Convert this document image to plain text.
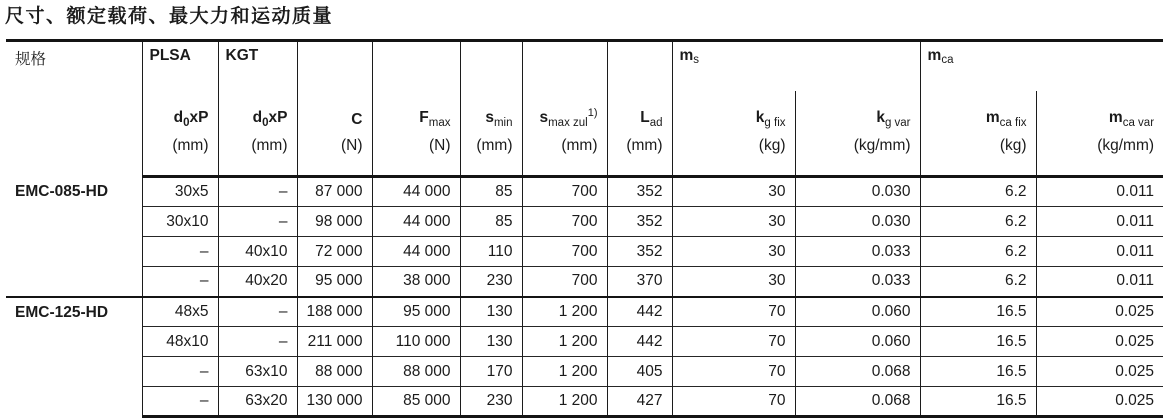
尺寸、额定载荷、最大力和运动质量
规格	PLSA	KGT						ms		mca	
	$d_0xP$	$d_0xP$	C	$F_{max}$	$s_{min}$	$s_{max zul}^{1)}$	$L_{ad}$	$k_{g fix}$	$k_{g var}$	$m_{ca fix}$	$m_{ca var}$
	(mm)	(mm)	(N)	(N)	(mm)	(mm)	(mm)	(kg)	(kg/mm)	(kg)	(kg/mm)
EMC-085-HD	30x5	–	87 000	44 000	85	700	352	30	0.030	6.2	0.011
	30x10	–	98 000	44 000	85	700	352	30	0.030	6.2	0.011
	–	40x10	72 000	44 000	110	700	352	30	0.033	6.2	0.011
	–	40x20	95 000	38 000	230	700	370	30	0.033	6.2	0.011
EMC-125-HD	48x5	–	188 000	95 000	130	1 200	442	70	0.060	16.5	0.025
	48x10	–	211 000	110 000	130	1 200	442	70	0.060	16.5	0.025
	–	63x10	88 000	88 000	170	1 200	405	70	0.068	16.5	0.025
	–	63x20	130 000	85 000	230	1 200	427	70	0.068	16.5	0.025
